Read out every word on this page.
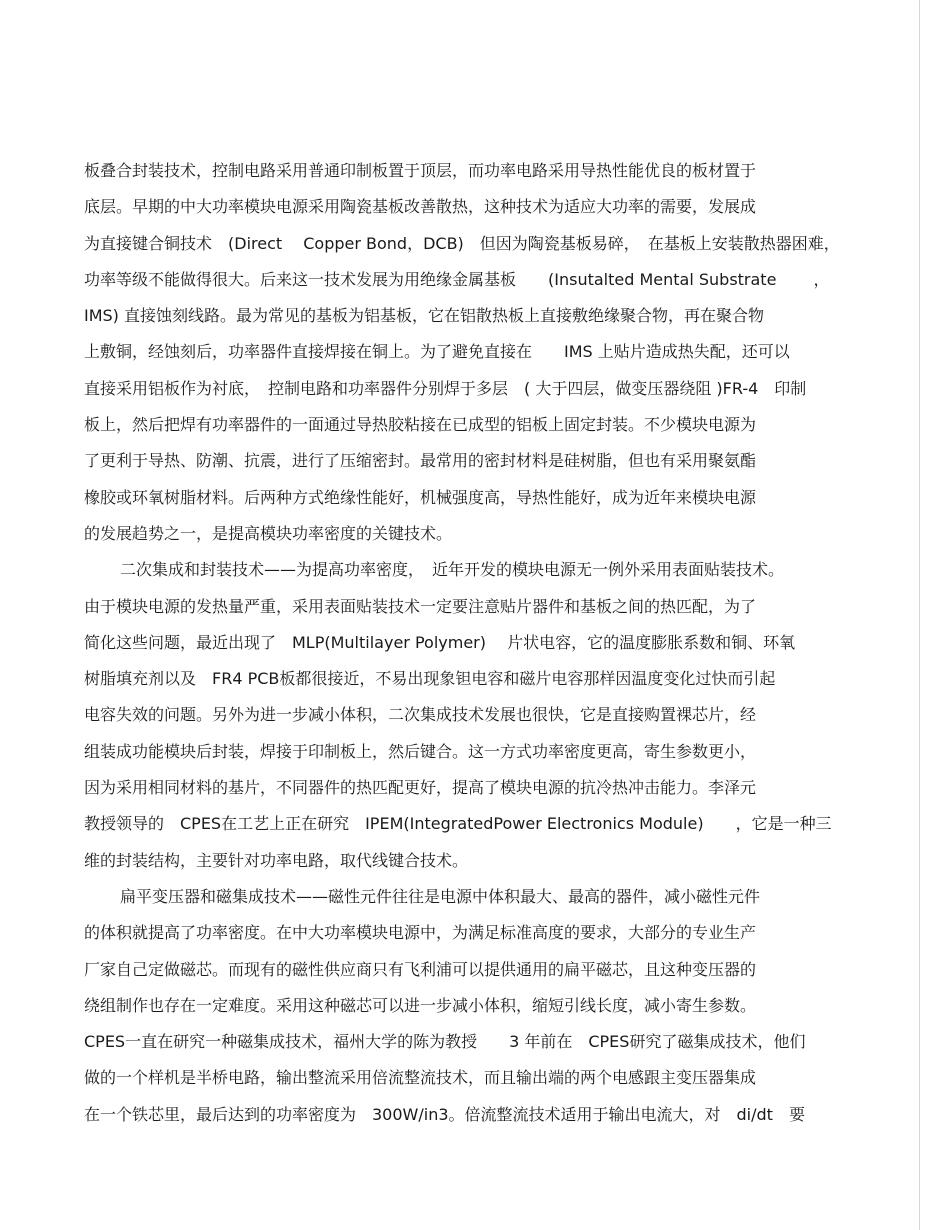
板叠合封装技术，控制电路采用普通印制板置于顶层，而功率电路采用导热性能优良的板材置于
底层。早期的中大功率模块电源采用陶瓷基板改善散热，这种技术为适应大功率的需要，发展成
为直接键合铜技术　(Direct　 Copper Bond，DCB)　但因为陶瓷基板易碎，　在基板上安装散热器困难，
功率等级不能做得很大。后来这一技术发展为用绝缘金属基板　　(Insutalted Mental Substrate　　 ，
IMS) 直接蚀刻线路。最为常见的基板为铝基板，它在铝散热板上直接敷绝缘聚合物，再在聚合物
上敷铜，经蚀刻后，功率器件直接焊接在铜上。为了避免直接在　　IMS 上贴片造成热失配，还可以
直接采用铝板作为衬底，　控制电路和功率器件分别焊于多层　( 大于四层，做变压器绕阻 )FR-4　印制
板上，然后把焊有功率器件的一面通过导热胶粘接在已成型的铝板上固定封装。不少模块电源为
了更利于导热、防潮、抗震，进行了压缩密封。最常用的密封材料是硅树脂，但也有采用聚氨酯
橡胶或环氧树脂材料。后两种方式绝缘性能好，机械强度高，导热性能好，成为近年来模块电源
的发展趋势之一，是提高模块功率密度的关键技术。
二次集成和封装技术——为提高功率密度，　近年开发的模块电源无一例外采用表面贴装技术。
由于模块电源的发热量严重，采用表面贴装技术一定要注意贴片器件和基板之间的热匹配，为了
简化这些问题，最近出现了　MLP(Multilayer Polymer)　 片状电容，它的温度膨胀系数和铜、环氧
树脂填充剂以及　FR4 PCB板都很接近，不易出现象钽电容和磁片电容那样因温度变化过快而引起
电容失效的问题。另外为进一步减小体积，二次集成技术发展也很快，它是直接购置裸芯片，经
组装成功能模块后封装，焊接于印制板上，然后键合。这一方式功率密度更高，寄生参数更小，
因为采用相同材料的基片，不同器件的热匹配更好，提高了模块电源的抗冷热冲击能力。李泽元
教授领导的　CPES在工艺上正在研究　IPEM(IntegratedPower Electronics Module)　　，它是一种三
维的封装结构，主要针对功率电路，取代线键合技术。
扁平变压器和磁集成技术——磁性元件往往是电源中体积最大、最高的器件，减小磁性元件
的体积就提高了功率密度。在中大功率模块电源中，为满足标准高度的要求，大部分的专业生产
厂家自己定做磁芯。而现有的磁性供应商只有飞利浦可以提供通用的扁平磁芯，且这种变压器的
绕组制作也存在一定难度。采用这种磁芯可以进一步减小体积，缩短引线长度，减小寄生参数。
CPES一直在研究一种磁集成技术，福州大学的陈为教授　　3 年前在　CPES研究了磁集成技术，他们
做的一个样机是半桥电路，输出整流采用倍流整流技术，而且输出端的两个电感跟主变压器集成
在一个铁芯里，最后达到的功率密度为　300W/in3。倍流整流技术适用于输出电流大，对　di/dt　要
